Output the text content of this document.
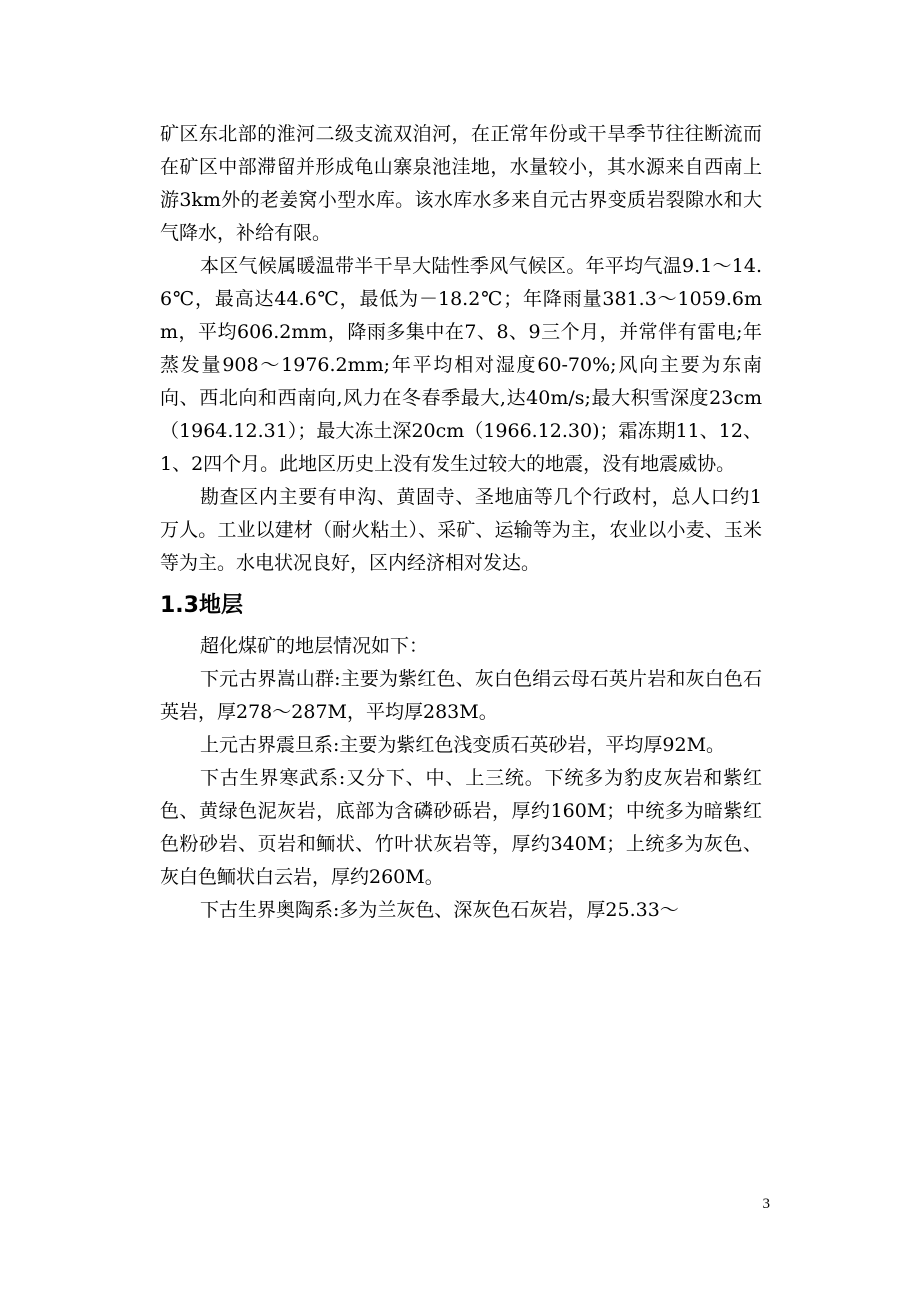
矿区东北部的淮河二级支流双洎河，在正常年份或干旱季节往往断流而在矿区中部滞留并形成龟山寨泉池洼地，水量较小，其水源来自西南上游3km外的老姜窝小型水库。该水库水多来自元古界变质岩裂隙水和大气降水，补给有限。

本区气候属暖温带半干旱大陆性季风气候区。年平均气温9.1～14.6℃，最高达44.6℃，最低为－18.2℃；年降雨量381.3～1059.6mm，平均606.2mm，降雨多集中在7、8、9三个月，并常伴有雷电;年蒸发量908～1976.2mm;年平均相对湿度60-70%;风向主要为东南向、西北向和西南向,风力在冬春季最大,达40m/s;最大积雪深度23cm（1964.12.31）；最大冻土深20cm（1966.12.30)；霜冻期11、12、1、2四个月。此地区历史上没有发生过较大的地震，没有地震威协。

勘查区内主要有申沟、黄固寺、圣地庙等几个行政村，总人口约1万人。工业以建材（耐火粘土）、采矿、运输等为主，农业以小麦、玉米等为主。水电状况良好，区内经济相对发达。

1.3地层

超化煤矿的地层情况如下：

下元古界嵩山群:主要为紫红色、灰白色绢云母石英片岩和灰白色石英岩，厚278～287M，平均厚283M。

上元古界震旦系:主要为紫红色浅变质石英砂岩，平均厚92M。

下古生界寒武系:又分下、中、上三统。下统多为豹皮灰岩和紫红色、黄绿色泥灰岩，底部为含磷砂砾岩，厚约160M；中统多为暗紫红色粉砂岩、页岩和鲕状、竹叶状灰岩等，厚约340M；上统多为灰色、灰白色鲕状白云岩，厚约260M。

下古生界奥陶系:多为兰灰色、深灰色石灰岩，厚25.33～

3
